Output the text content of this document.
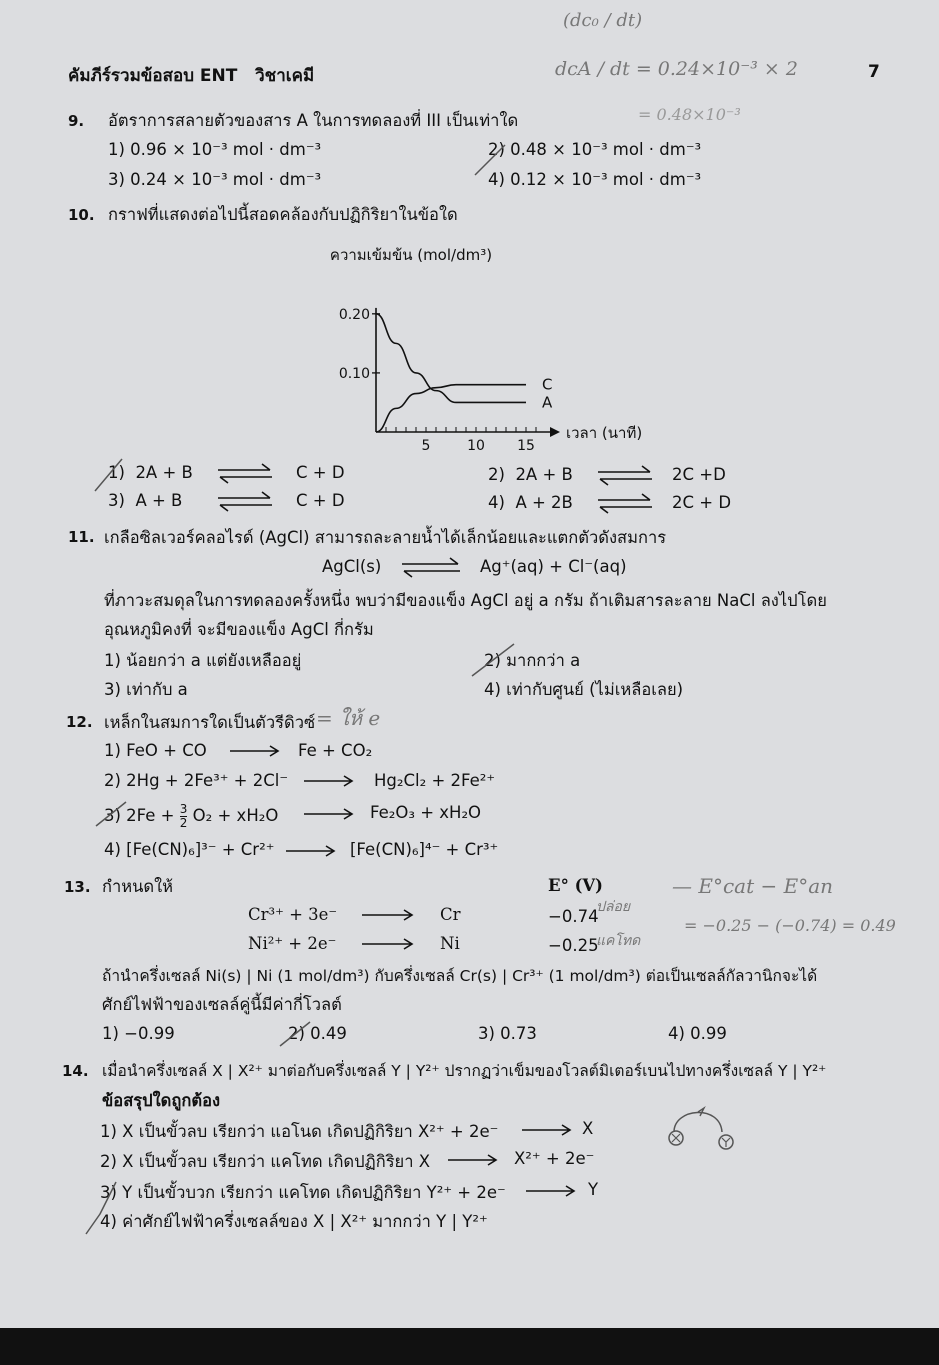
คัมภีร์รวมข้อสอบ ENT วิชาเคมี	7
(dc₀ / dt)
dcA / dt = 0.24×10⁻³ × 2
= 0.48×10⁻³
9. อัตราการสลายตัวของสาร A ในการทดลองที่ III เป็นเท่าใด
1) 0.96 × 10⁻³ mol · dm⁻³	2) 0.48 × 10⁻³ mol · dm⁻³
3) 0.24 × 10⁻³ mol · dm⁻³	4) 0.12 × 10⁻³ mol · dm⁻³
10. กราฟที่แสดงต่อไปนี้สอดคล้องกับปฏิกิริยาในข้อใด
0.20
0.10
5	10 15
ความเข้มข้น (mol/dm³)
เวลา (นาที)
A
C
1) 2A + B ⇌ C + D	2) 2A + B ⇌ 2C +D
3) A + B ⇌ C + D	4) A + 2B ⇌ 2C + D
11. เกลือซิลเวอร์คลอไรด์ (AgCl) สามารถละลายน้ำได้เล็กน้อยและแตกตัวดังสมการ
AgCl(s) ⇌ Ag⁺(aq) + Cl⁻(aq)
ที่ภาวะสมดุลในการทดลองครั้งหนึ่ง พบว่ามีของแข็ง AgCl อยู่ a กรัม ถ้าเติมสารละลาย NaCl ลงไปโดย
อุณหภูมิคงที่ จะมีของแข็ง AgCl กี่กรัม
1) น้อยกว่า a แต่ยังเหลืออยู่	2) มากกว่า a
3) เท่ากับ a	4) เท่ากับศูนย์ (ไม่เหลือเลย)
12. เหล็กในสมการใดเป็นตัวรีดิวซ์ = ให้ e
1) FeO + CO → Fe + CO₂
2) 2Hg + 2Fe³⁺ + 2Cl⁻ → Hg₂Cl₂ + 2Fe²⁺
3) $2Fe + \frac{3}{2} O_2 + xH_2O \to Fe_2O_3 + xH_2O$
4) [Fe(CN)₆]³⁻ + Cr²⁺ → [Fe(CN)₆]⁴⁻ + Cr³⁺
13. กำหนดให้	E° (V)
Cr³⁺ + 3e⁻ → Cr	−0.74
Ni²⁺ + 2e⁻ → Ni	−0.25
ปล่อย
แคโทด
— E°cat − E°an
= −0.25 − (−0.74) = 0.49
ถ้านำครึ่งเซลล์ Ni(s) | Ni (1 mol/dm³) กับครึ่งเซลล์ Cr(s) | Cr³⁺ (1 mol/dm³) ต่อเป็นเซลล์กัลวานิกจะได้
ศักย์ไฟฟ้าของเซลล์คู่นี้มีค่ากี่โวลต์
1) −0.99	2) 0.49	3) 0.73	4) 0.99
14. เมื่อนำครึ่งเซลล์ X | X²⁺ มาต่อกับครึ่งเซลล์ Y | Y²⁺ ปรากฏว่าเข็มของโวลต์มิเตอร์เบนไปทางครึ่งเซลล์ Y | Y²⁺
ข้อสรุปใดถูกต้อง
1) X เป็นขั้วลบ เรียกว่า แอโนด เกิดปฏิกิริยา X²⁺ + 2e⁻ → X
2) X เป็นขั้วลบ เรียกว่า แคโทด เกิดปฏิกิริยา X → X²⁺ + 2e⁻
3) Y เป็นขั้วบวก เรียกว่า แคโทด เกิดปฏิกิริยา Y²⁺ + 2e⁻ → Y
4) ค่าศักย์ไฟฟ้าครึ่งเซลล์ของ X | X²⁺ มากกว่า Y | Y²⁺
